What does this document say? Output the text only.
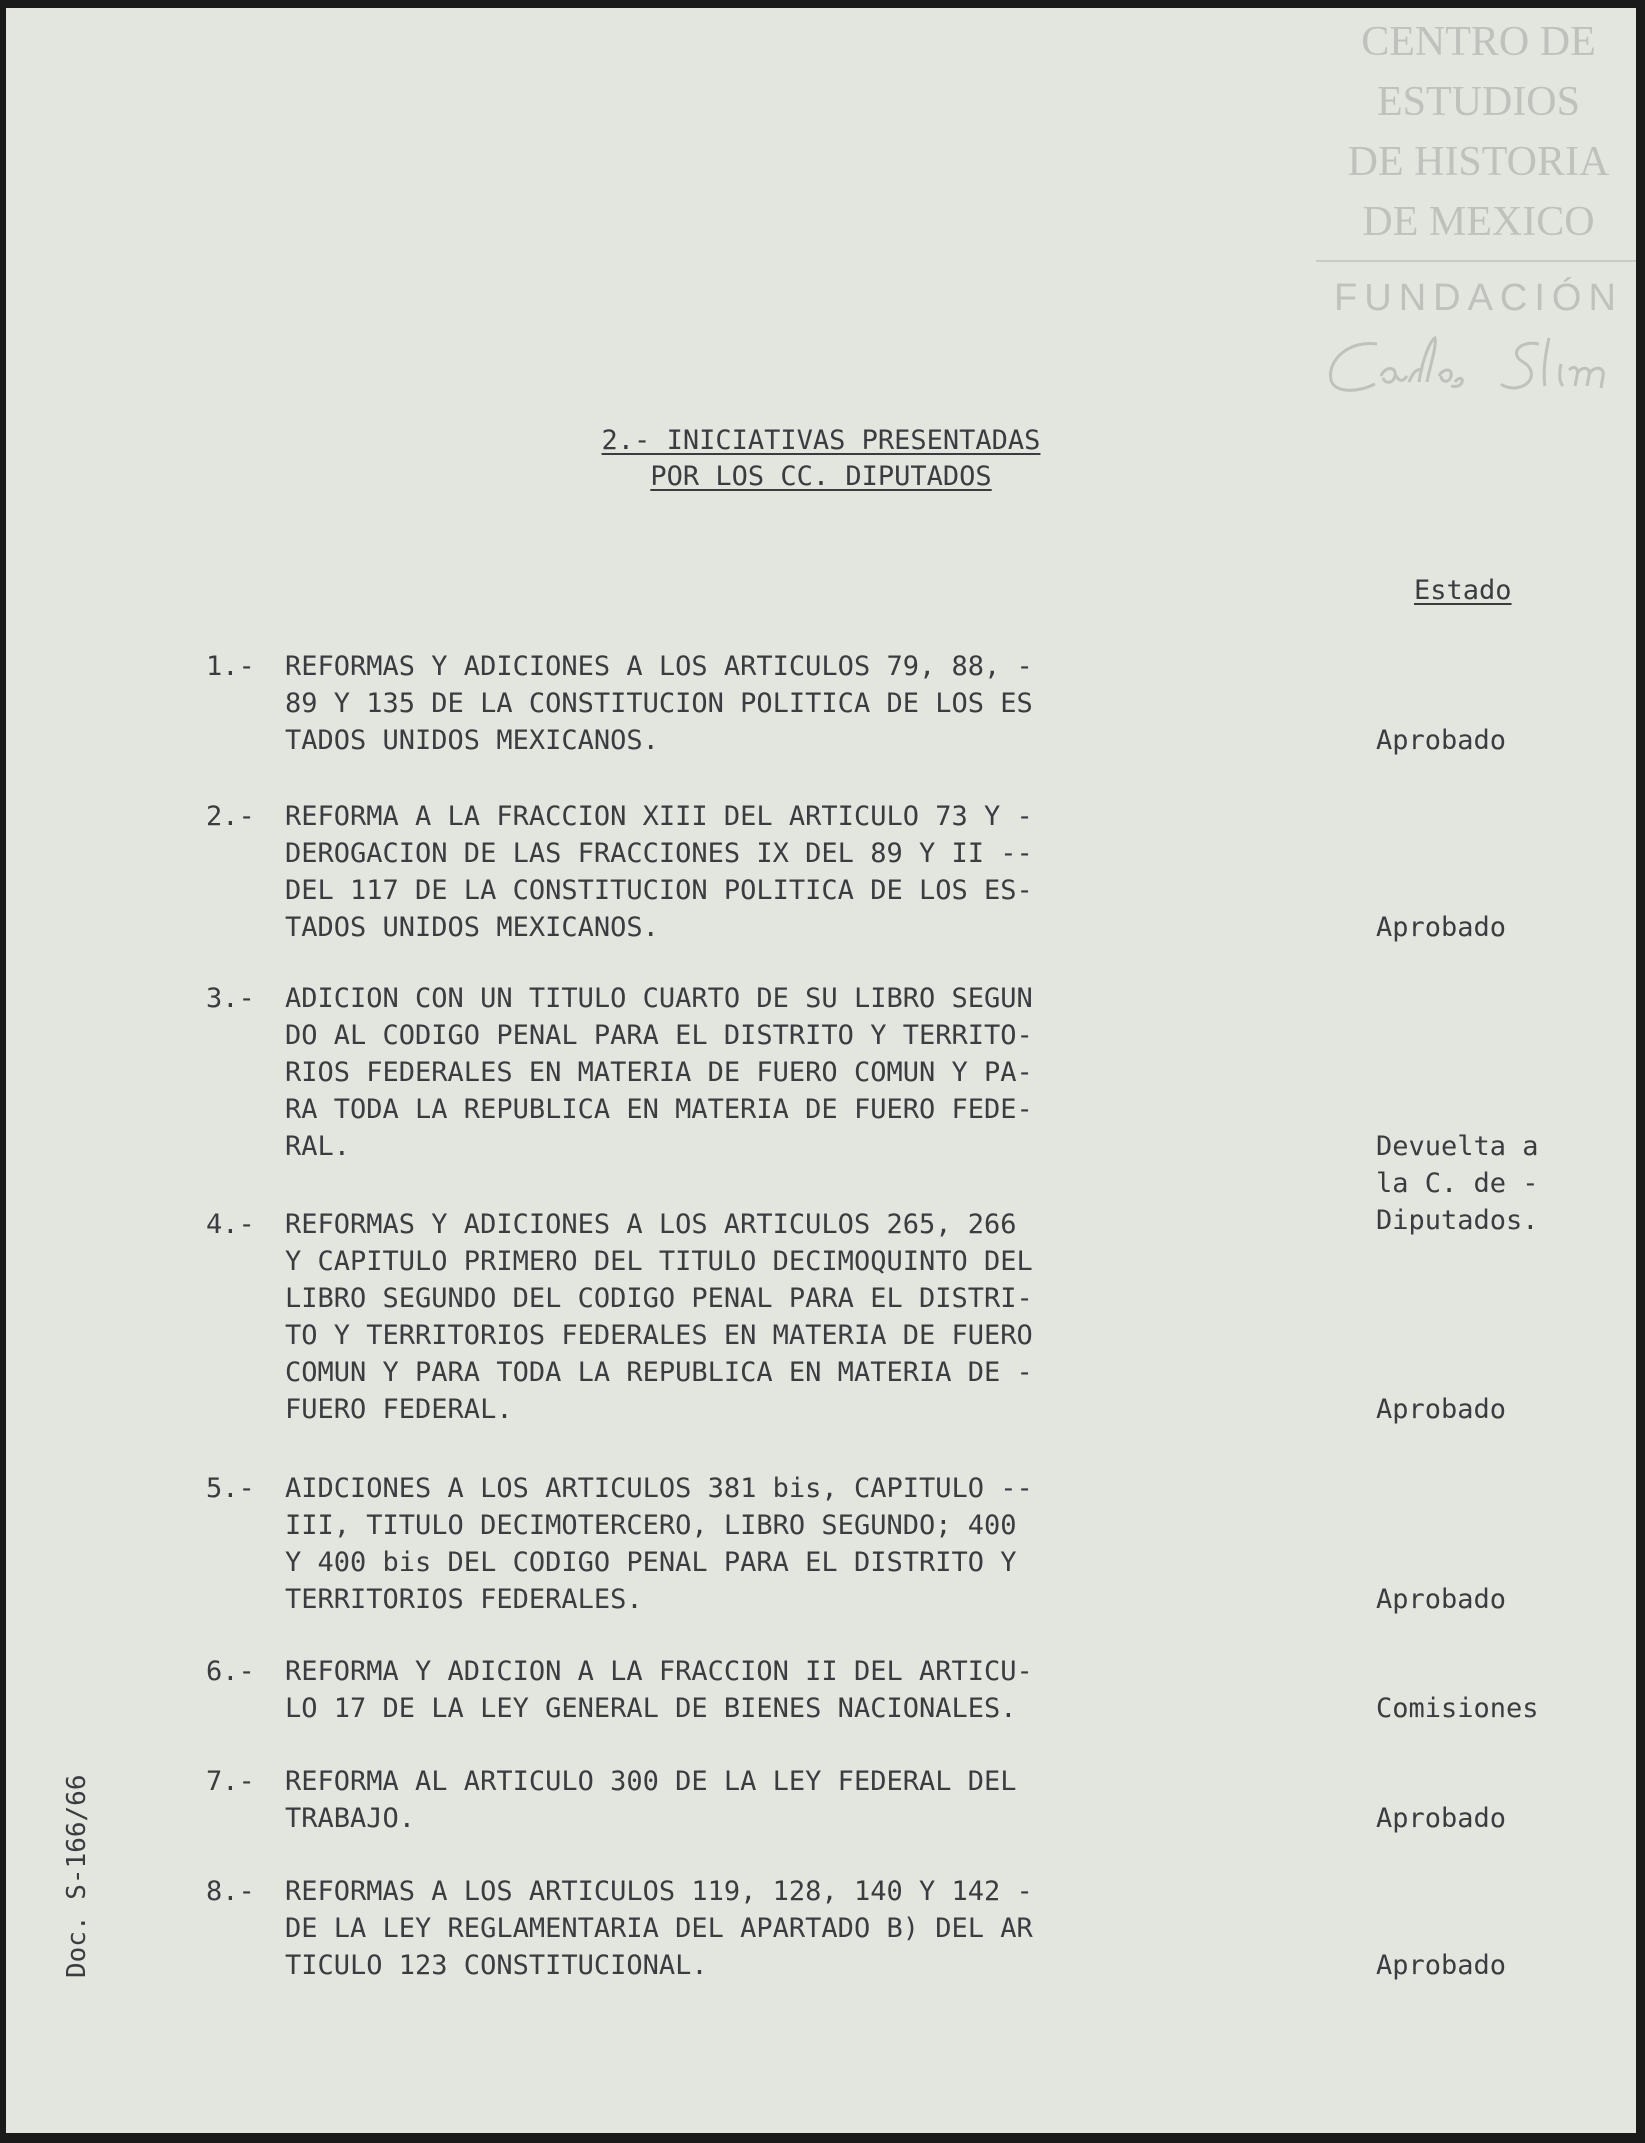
CENTRO DE
ESTUDIOS
DE HISTORIA
DE MEXICO
FUNDACIÓN
2.- INICIATIVAS PRESENTADAS
POR LOS CC. DIPUTADOS
Estado
1.- REFORMAS Y ADICIONES A LOS ARTICULOS 79, 88, -
89 Y 135 DE LA CONSTITUCION POLITICA DE LOS ES
TADOS UNIDOS MEXICANOS.	Aprobado
2.- REFORMA A LA FRACCION XIII DEL ARTICULO 73 Y -
DEROGACION DE LAS FRACCIONES IX DEL 89 Y II --
DEL 117 DE LA CONSTITUCION POLITICA DE LOS ES-
TADOS UNIDOS MEXICANOS.	Aprobado
3.- ADICION CON UN TITULO CUARTO DE SU LIBRO SEGUN
DO AL CODIGO PENAL PARA EL DISTRITO Y TERRITO-
RIOS FEDERALES EN MATERIA DE FUERO COMUN Y PA-
RA TODA LA REPUBLICA EN MATERIA DE FUERO FEDE-
RAL.	Devuelta a
la C. de -
Diputados.
4.- REFORMAS Y ADICIONES A LOS ARTICULOS 265, 266
Y CAPITULO PRIMERO DEL TITULO DECIMOQUINTO DEL
LIBRO SEGUNDO DEL CODIGO PENAL PARA EL DISTRI-
TO Y TERRITORIOS FEDERALES EN MATERIA DE FUERO
COMUN Y PARA TODA LA REPUBLICA EN MATERIA DE -
FUERO FEDERAL.	Aprobado
5.- AIDCIONES A LOS ARTICULOS 381 bis, CAPITULO --
III, TITULO DECIMOTERCERO, LIBRO SEGUNDO; 400
Y 400 bis DEL CODIGO PENAL PARA EL DISTRITO Y
TERRITORIOS FEDERALES.	Aprobado
6.- REFORMA Y ADICION A LA FRACCION II DEL ARTICU-
LO 17 DE LA LEY GENERAL DE BIENES NACIONALES.	Comisiones
7.- REFORMA AL ARTICULO 300 DE LA LEY FEDERAL DEL
TRABAJO.	Aprobado
8.- REFORMAS A LOS ARTICULOS 119, 128, 140 Y 142 -
DE LA LEY REGLAMENTARIA DEL APARTADO B) DEL AR
TICULO 123 CONSTITUCIONAL.	Aprobado
Doc. S-166/66
